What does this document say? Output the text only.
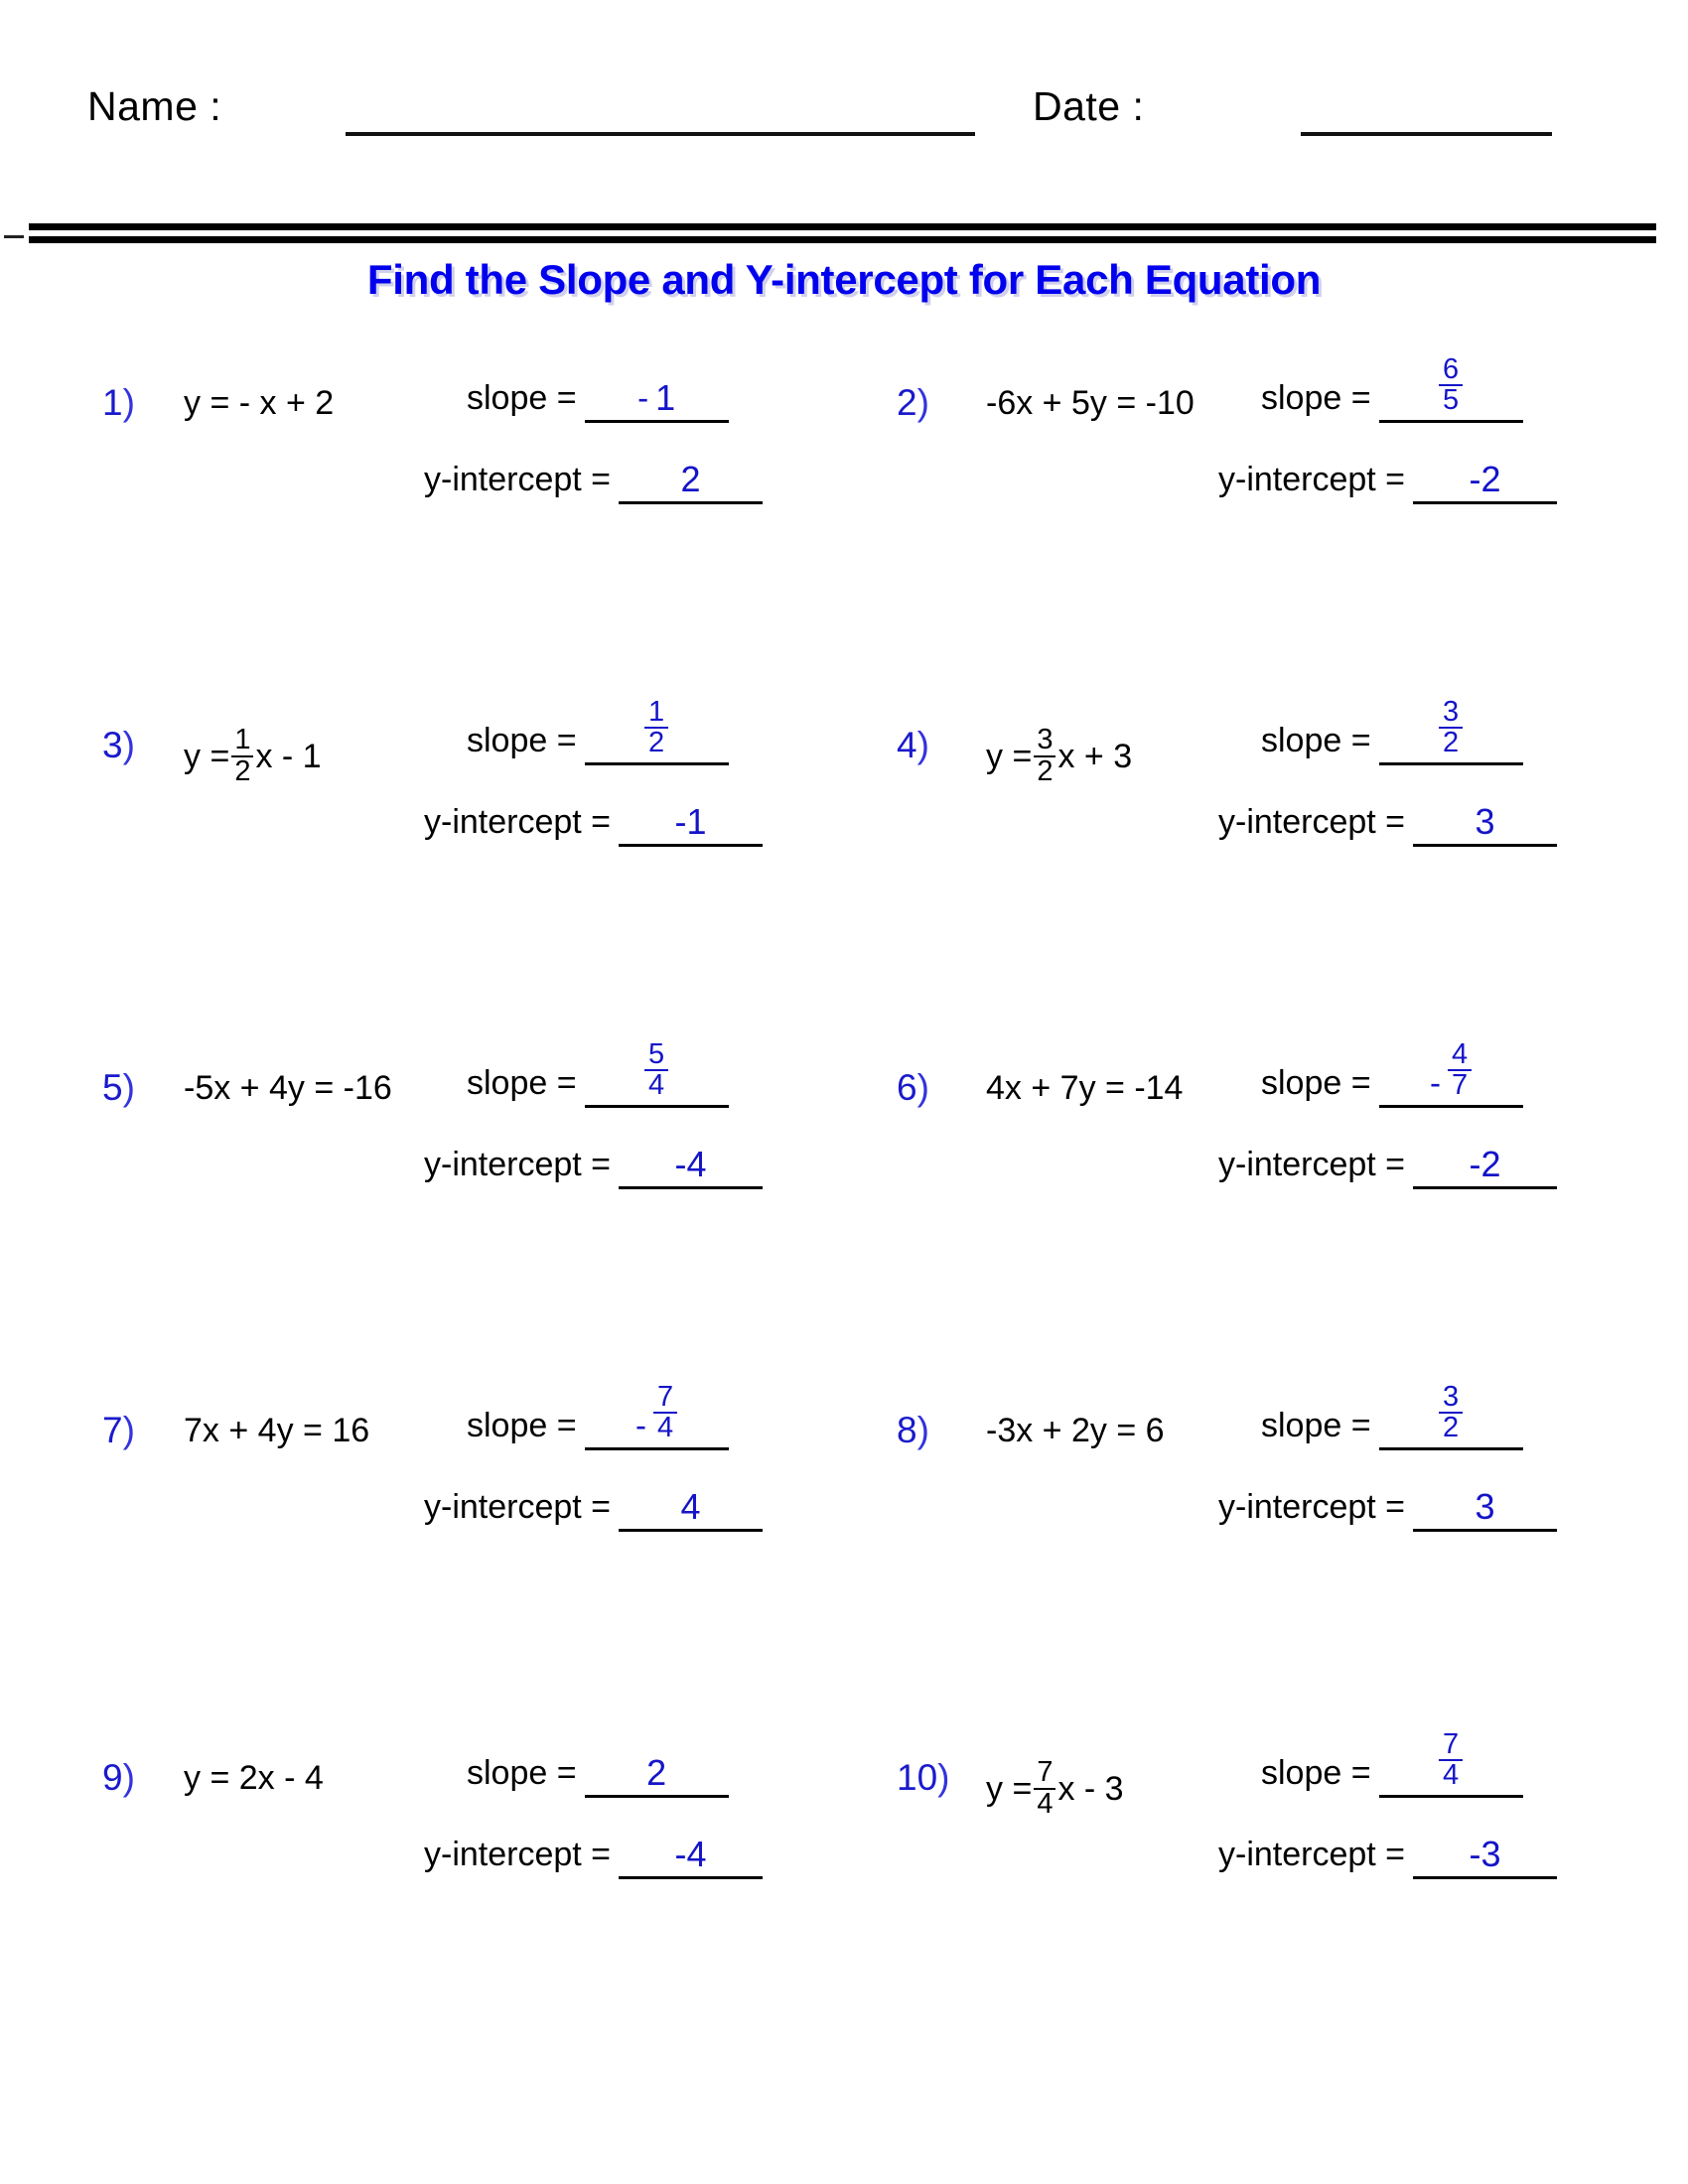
Name :	Date :

Find the Slope and Y-intercept for Each Equation
1) y = - x + 2	slope = - 1
y-intercept = 2
2) -6x + 5y = -10 slope = $\frac{6}{5}$
y-intercept = -2
3) $y = \frac{1}{2}$ x - 1	slope = $\frac{1}{2}$
y-intercept = -1
4) $y = \frac{3}{2}$ x + 3	slope = $\frac{3}{2}$
y-intercept = 3
5) -5x + 4y = -16 slope = $\frac{5}{4}$
y-intercept = -4
6) 4x + 7y = -14 slope = - $\frac{4}{7}$
y-intercept = -2
7) 7x + 4y = 16	slope = - $\frac{7}{4}$
y-intercept = 4
8) -3x + 2y = 6	slope = $\frac{3}{2}$
y-intercept = 3
9) y = 2x - 4	slope = 2
y-intercept = -4
10) $y = \frac{7}{4}$ x - 3	slope = $\frac{7}{4}$
y-intercept = -3
